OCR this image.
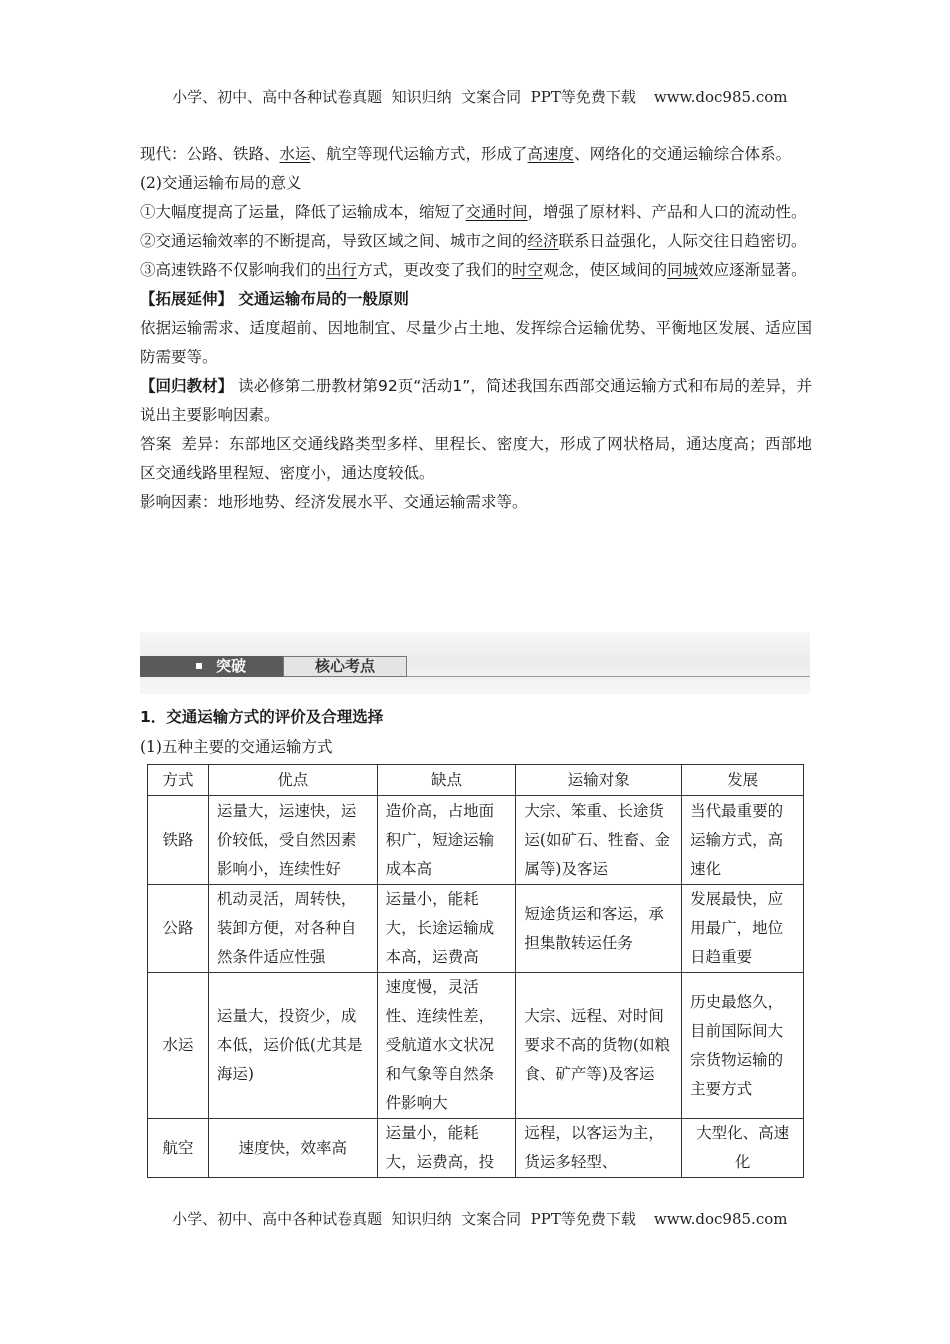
小学、初中、高中各种试卷真题  知识归纳  文案合同  PPT等免费下载 www.doc985.com

现代：公路、铁路、水运、航空等现代运输方式，形成了高速度、网络化的交通运输综合体系。

(2)交通运输布局的意义

①大幅度提高了运量，降低了运输成本，缩短了交通时间，增强了原材料、产品和人口的流动性。

②交通运输效率的不断提高，导致区域之间、城市之间的经济联系日益强化，人际交往日趋密切。

③高速铁路不仅影响我们的出行方式，更改变了我们的时空观念，使区域间的同城效应逐渐显著。

【拓展延伸】 交通运输布局的一般原则

依据运输需求、适度超前、因地制宜、尽量少占土地、发挥综合运输优势、平衡地区发展、适应国防需要等。

【回归教材】 读必修第二册教材第92页“活动1”，简述我国东西部交通运输方式和布局的差异，并说出主要影响因素。

答案 差异：东部地区交通线路类型多样、里程长、密度大，形成了网状格局，通达度高；西部地区交通线路里程短、密度小，通达度较低。

影响因素：地形地势、经济发展水平、交通运输需求等。

突破	核心考点

1．交通运输方式的评价及合理选择

(1)五种主要的交通运输方式

方式	优点	缺点	运输对象	发展
铁路	运量大，运速快，运价较低，受自然因素影响小，连续性好	造价高，占地面积广，短途运输成本高	大宗、笨重、长途货运(如矿石、牲畜、金属等)及客运	当代最重要的运输方式，高速化
公路	机动灵活，周转快，装卸方便，对各种自然条件适应性强	运量小，能耗大，长途运输成本高，运费高	短途货运和客运，承担集散转运任务	发展最快，应用最广，地位日趋重要
水运	运量大，投资少，成本低，运价低(尤其是海运)	速度慢，灵活性、连续性差，受航道水文状况和气象等自然条件影响大	大宗、远程、对时间要求不高的货物(如粮食、矿产等)及客运	历史最悠久，目前国际间大宗货物运输的主要方式
航空	速度快，效率高	运量小，能耗大，运费高，投	远程，以客运为主，货运多轻型、	大型化、高速化

小学、初中、高中各种试卷真题  知识归纳  文案合同  PPT等免费下载 www.doc985.com
